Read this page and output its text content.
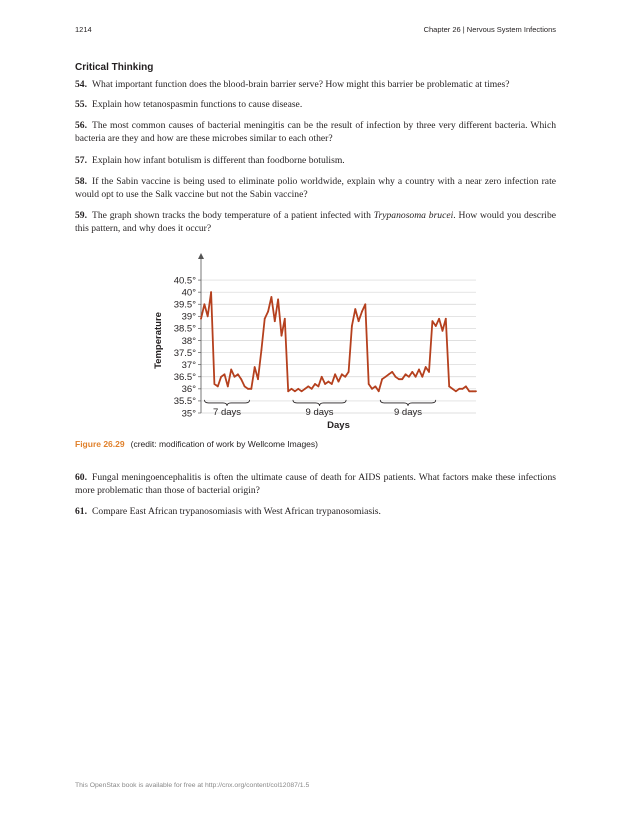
1214	Chapter 26 | Nervous System Infections
Critical Thinking
54. What important function does the blood-brain barrier serve? How might this barrier be problematic at times?
55. Explain how tetanospasmin functions to cause disease.
56. The most common causes of bacterial meningitis can be the result of infection by three very different bacteria. Which bacteria are they and how are these microbes similar to each other?
57. Explain how infant botulism is different than foodborne botulism.
58. If the Sabin vaccine is being used to eliminate polio worldwide, explain why a country with a near zero infection rate would opt to use the Salk vaccine but not the Sabin vaccine?
59. The graph shown tracks the body temperature of a patient infected with Trypanosoma brucei. How would you describe this pattern, and why does it occur?
35°
35.5°
36°
36.5°
37°
37.5°
38°
38.5°
39°
39.5°
40°
40.5°
Temperature
Days
7 days	9 days	9 days
Figure 26.29 (credit: modification of work by Wellcome Images)
60. Fungal meningoencephalitis is often the ultimate cause of death for AIDS patients. What factors make these infections more problematic than those of bacterial origin?
61. Compare East African trypanosomiasis with West African trypanosomiasis.
This OpenStax book is available for free at http://cnx.org/content/col12087/1.5
